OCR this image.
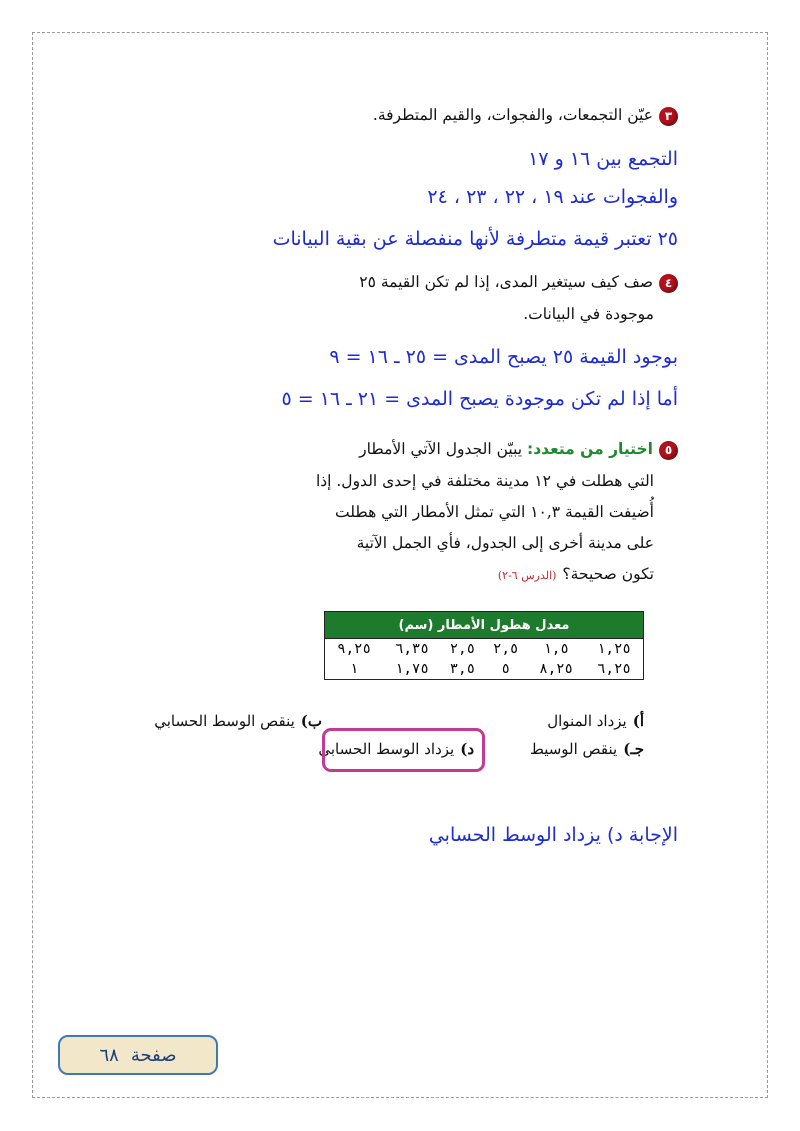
٣عيّن التجمعات، والفجوات، والقيم المتطرفة.
التجمع بين ١٦ و ١٧
والفجوات عند ١٩ ، ٢٢ ، ٢٣ ، ٢٤
٢٥ تعتبر قيمة متطرفة لأنها منفصلة عن بقية البيانات
٤صف كيف سيتغير المدى، إذا لم تكن القيمة ٢٥
موجودة في البيانات.
بوجود القيمة ٢٥ يصبح المدى = ٢٥ ـ ١٦ = ٩
أما إذا لم تكن موجودة يصبح المدى = ٢١ ـ ١٦ = ٥
٥اختيار من متعدد: يبيّن الجدول الآتي الأمطار
التي هطلت في ١٢ مدينة مختلفة في إحدى الدول. إذا
أُضيفت القيمة ١٠,٣ التي تمثل الأمطار التي هطلت
على مدينة أخرى إلى الجدول، فأي الجمل الآتية
تكون صحيحة؟(الدرس ٦-٢)
معدل هطول الأمطار (سم)					
١,٢٥	١,٥	٢,٥	٢,٥	٦,٣٥	٩,٢٥
٦,٢٥	٨,٢٥	٥	٣,٥	١,٧٥	١
أ)يزداد المنوال
ب)ينقص الوسط الحسابي
جـ)ينقص الوسيط
د)يزداد الوسط الحسابي
الإجابة د) يزداد الوسط الحسابي
صفحة
٦٨
